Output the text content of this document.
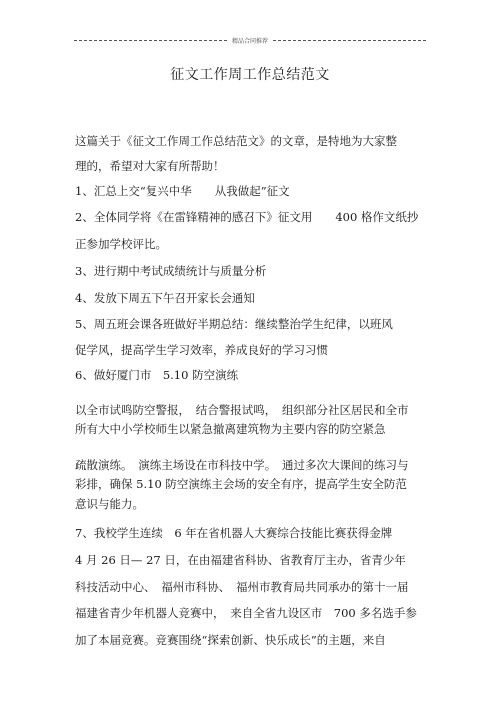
精品合同推荐
征文工作周工作总结范文
这篇关于《征文工作周工作总结范文》的文章，是特地为大家整
理的，希望对大家有所帮助！
1、汇总上交“复兴中华　　从我做起”征文
2、全体同学将《在雷锋精神的感召下》征文用　　400 格作文纸抄
正参加学校评比。
3、进行期中考试成绩统计与质量分析
4、发放下周五下午召开家长会通知
5、周五班会课各班做好半期总结：继续整治学生纪律，以班风
促学风，提高学生学习效率，养成良好的学习习惯
6、做好厦门市　5.10 防空演练
以全市试鸣防空警报，　结合警报试鸣，　组织部分社区居民和全市
所有大中小学校师生以紧急撤离建筑物为主要内容的防空紧急
疏散演练。　演练主场设在市科技中学。　通过多次大课间的练习与
彩排，确保 5.10 防空演练主会场的安全有序，提高学生安全防范
意识与能力。
7、我校学生连续　6 年在省机器人大赛综合技能比赛获得金牌
4 月 26 日— 27 日，在由福建省科协、省教育厅主办，省青少年
科技活动中心、　福州市科协、　福州市教育局共同承办的第十一届
福建省青少年机器人竞赛中，　来自全省九设区市　700 多名选手参
加了本届竞赛。竞赛围绕“探索创新、快乐成长”的主题，来自
